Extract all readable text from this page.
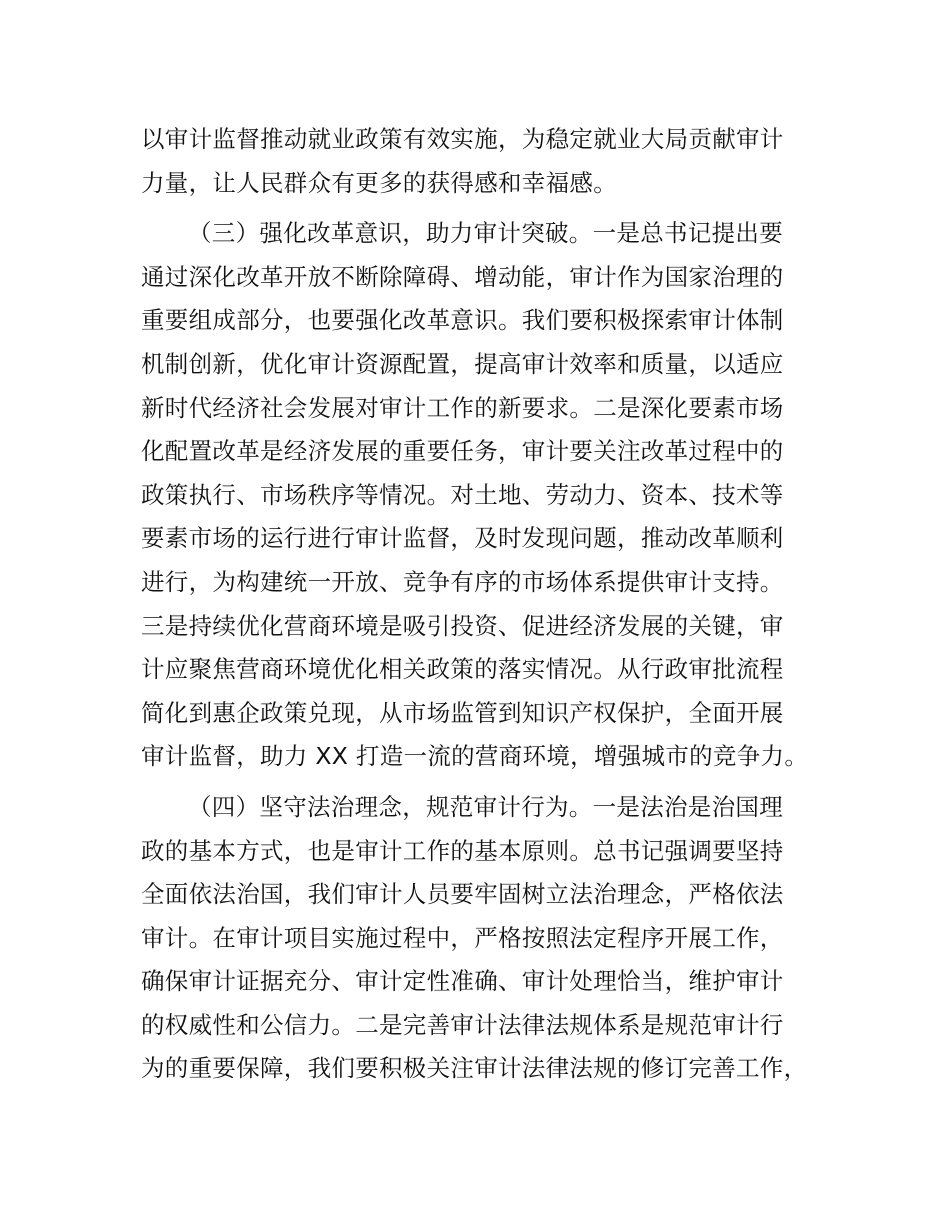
以审计监督推动就业政策有效实施，为稳定就业大局贡献审计
力量，让人民群众有更多的获得感和幸福感。
（三）强化改革意识，助力审计突破。一是总书记提出要
通过深化改革开放不断除障碍、增动能，审计作为国家治理的
重要组成部分，也要强化改革意识。我们要积极探索审计体制
机制创新，优化审计资源配置，提高审计效率和质量，以适应
新时代经济社会发展对审计工作的新要求。二是深化要素市场
化配置改革是经济发展的重要任务，审计要关注改革过程中的
政策执行、市场秩序等情况。对土地、劳动力、资本、技术等
要素市场的运行进行审计监督，及时发现问题，推动改革顺利
进行，为构建统一开放、竞争有序的市场体系提供审计支持。
三是持续优化营商环境是吸引投资、促进经济发展的关键，审
计应聚焦营商环境优化相关政策的落实情况。从行政审批流程
简化到惠企政策兑现，从市场监管到知识产权保护，全面开展
审计监督，助力 XX 打造一流的营商环境，增强城市的竞争力。
（四）坚守法治理念，规范审计行为。一是法治是治国理
政的基本方式，也是审计工作的基本原则。总书记强调要坚持
全面依法治国，我们审计人员要牢固树立法治理念，严格依法
审计。在审计项目实施过程中，严格按照法定程序开展工作，
确保审计证据充分、审计定性准确、审计处理恰当，维护审计
的权威性和公信力。二是完善审计法律法规体系是规范审计行
为的重要保障，我们要积极关注审计法律法规的修订完善工作，
